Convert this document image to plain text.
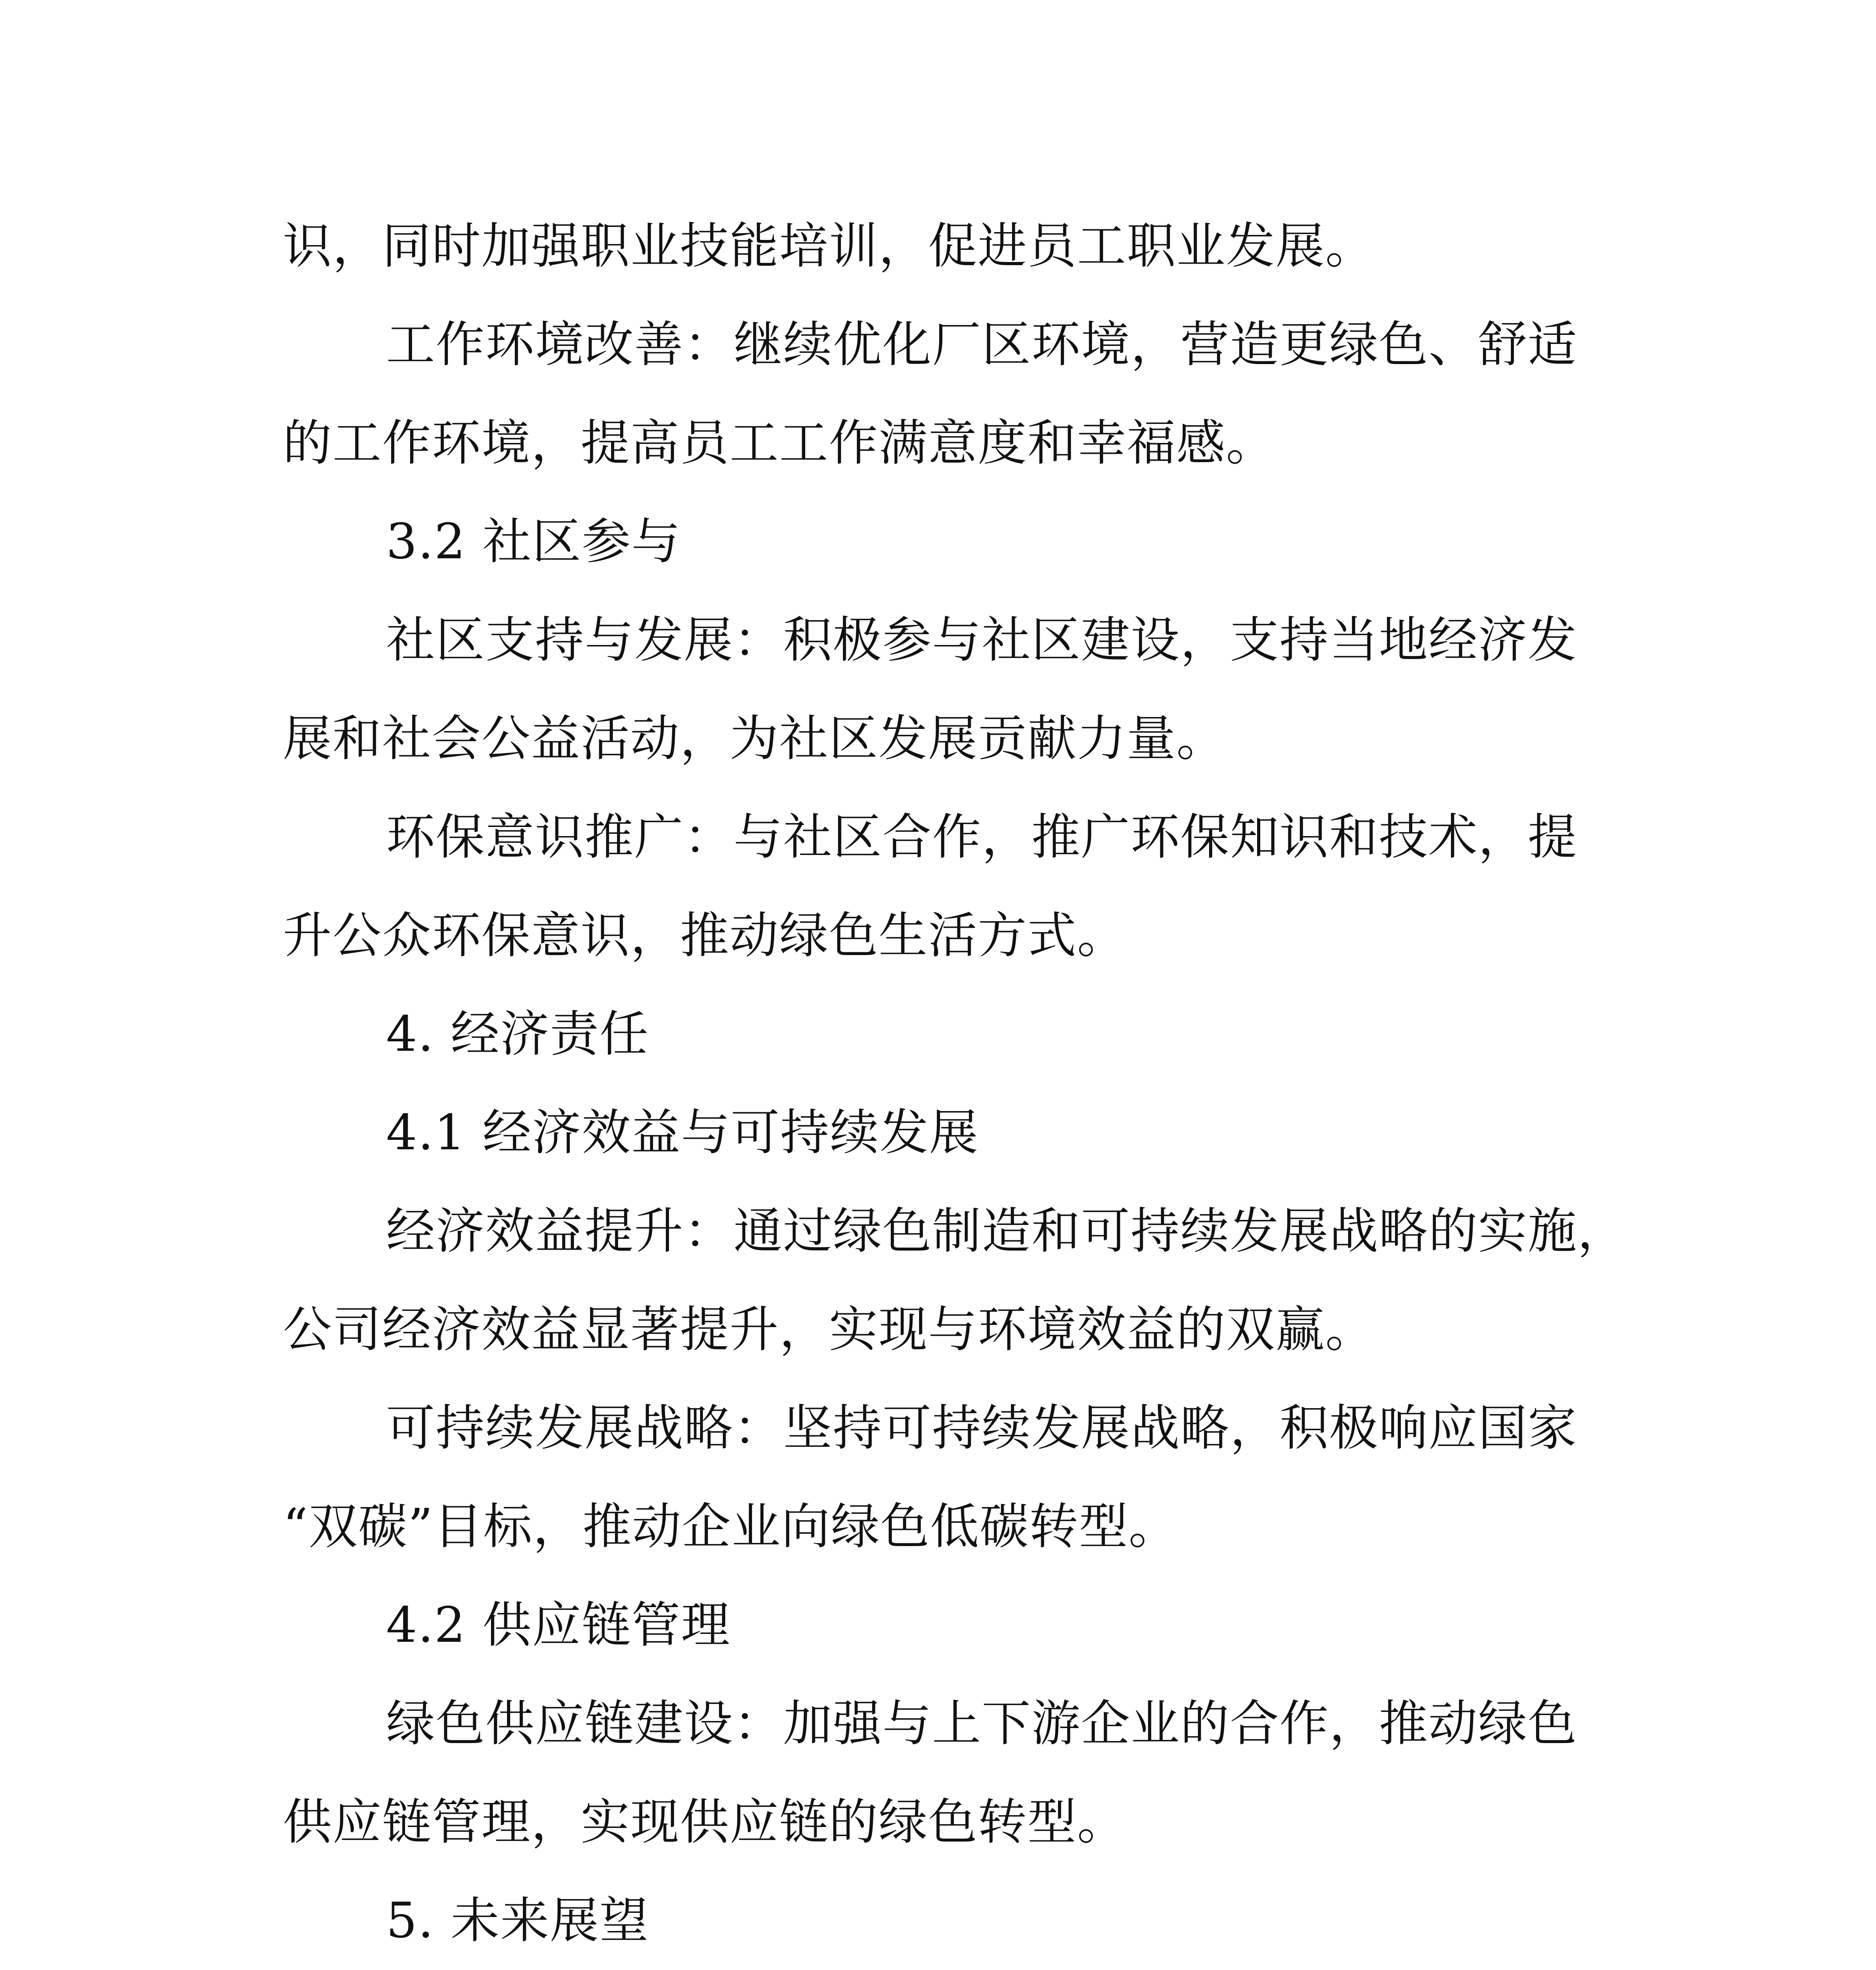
识，同时加强职业技能培训，促进员工职业发展。
工作环境改善：继续优化厂区环境，营造更绿色、舒适
的工作环境，提高员工工作满意度和幸福感。
3.2 社区参与
社区支持与发展：积极参与社区建设，支持当地经济发
展和社会公益活动，为社区发展贡献力量。
环保意识推广：与社区合作，推广环保知识和技术，提
升公众环保意识，推动绿色生活方式。
4. 经济责任
4.1 经济效益与可持续发展
经济效益提升：通过绿色制造和可持续发展战略的实施，
公司经济效益显著提升，实现与环境效益的双赢。
可持续发展战略：坚持可持续发展战略，积极响应国家
“双碳”目标，推动企业向绿色低碳转型。
4.2 供应链管理
绿色供应链建设：加强与上下游企业的合作，推动绿色
供应链管理，实现供应链的绿色转型。
5. 未来展望
